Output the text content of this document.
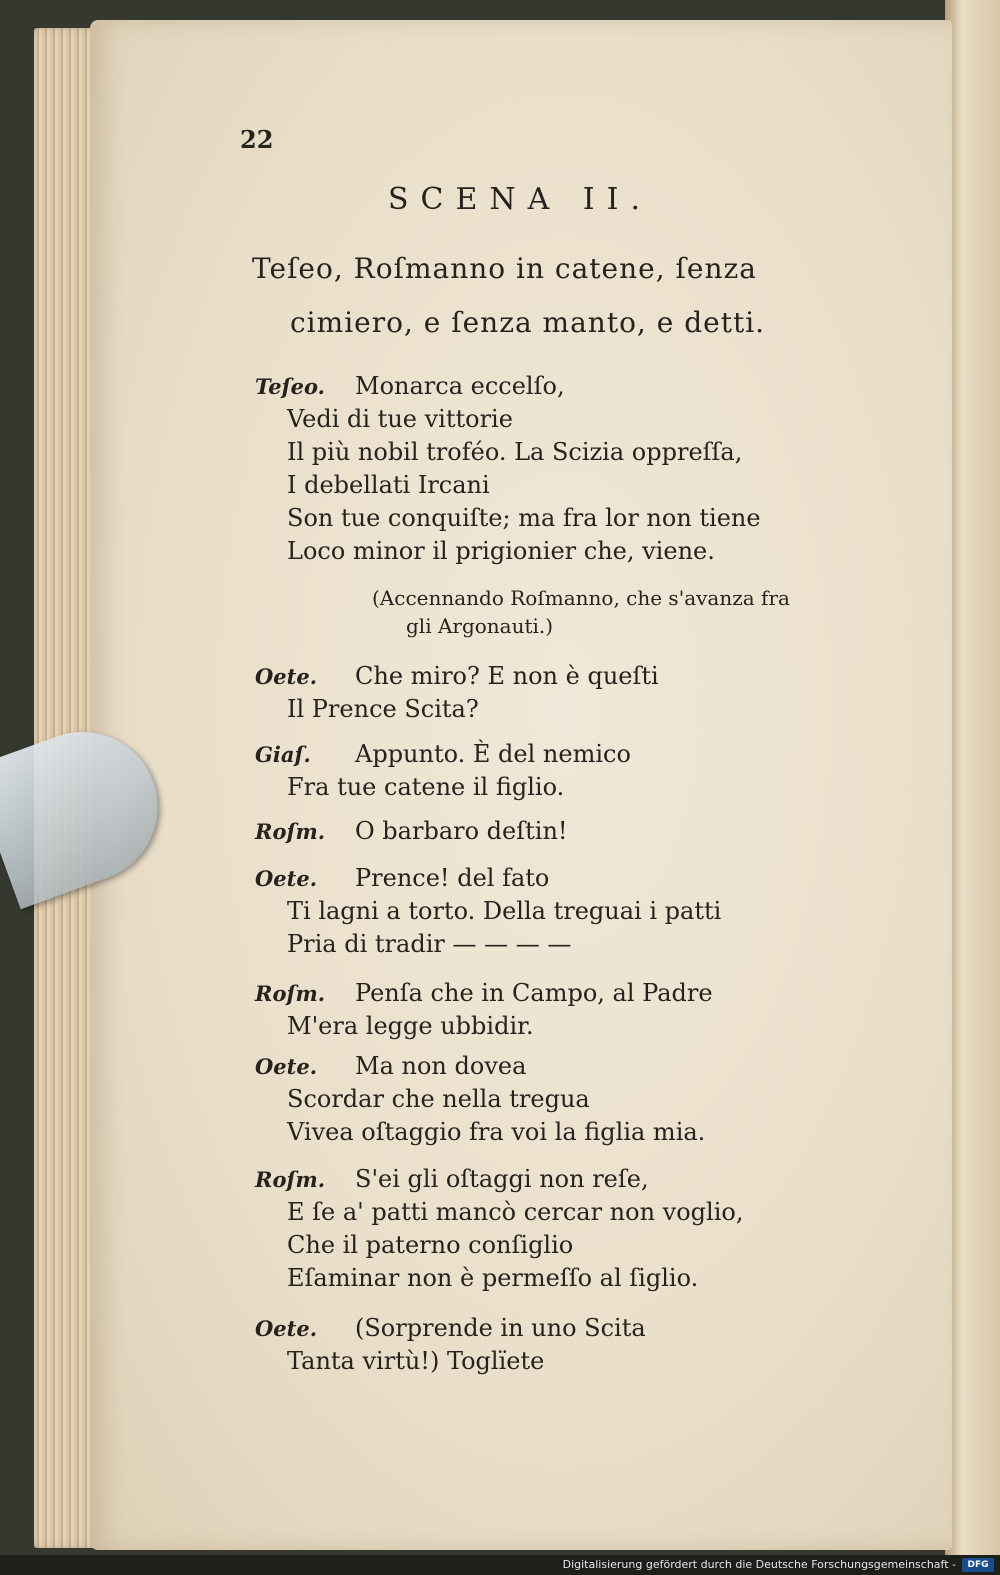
22
SCENA II.
Teſeo, Roſmanno in catene, ſenza
cimiero, e ſenza manto, e detti.
Teſeo. Monarca eccelſo,
Vedi di tue vittorie
Il più nobil troféo. La Scizia oppreſſa,
I debellati Ircani
Son tue conquiſte; ma fra lor non tiene
Loco minor il prigionier che, viene.
(Accennando Roſmanno, che s'avanza fra
gli Argonauti.)
Oete. Che miro? E non è queſti
Il Prence Scita?
Giaſ. Appunto. È del nemico
Fra tue catene il figlio.
Roſm. O barbaro deſtin!
Oete. Prence! del fato
Ti lagni a torto. Della treguai i patti
Pria di tradir — — — —
Roſm. Penſa che in Campo, al Padre
M'era legge ubbidir.
Oete. Ma non dovea
Scordar che nella tregua
Vivea oſtaggio fra voi la figlia mia.
Roſm. S'ei gli oſtaggi non reſe,
E ſe a' patti mancò cercar non voglio,
Che il paterno conſiglio
Eſaminar non è permeſſo al ſiglio.
Oete. (Sorprende in uno Scita
Tanta virtù!) Toglïete
Digitalisierung gefördert durch die Deutsche Forschungsgemeinschaft -	DFG
